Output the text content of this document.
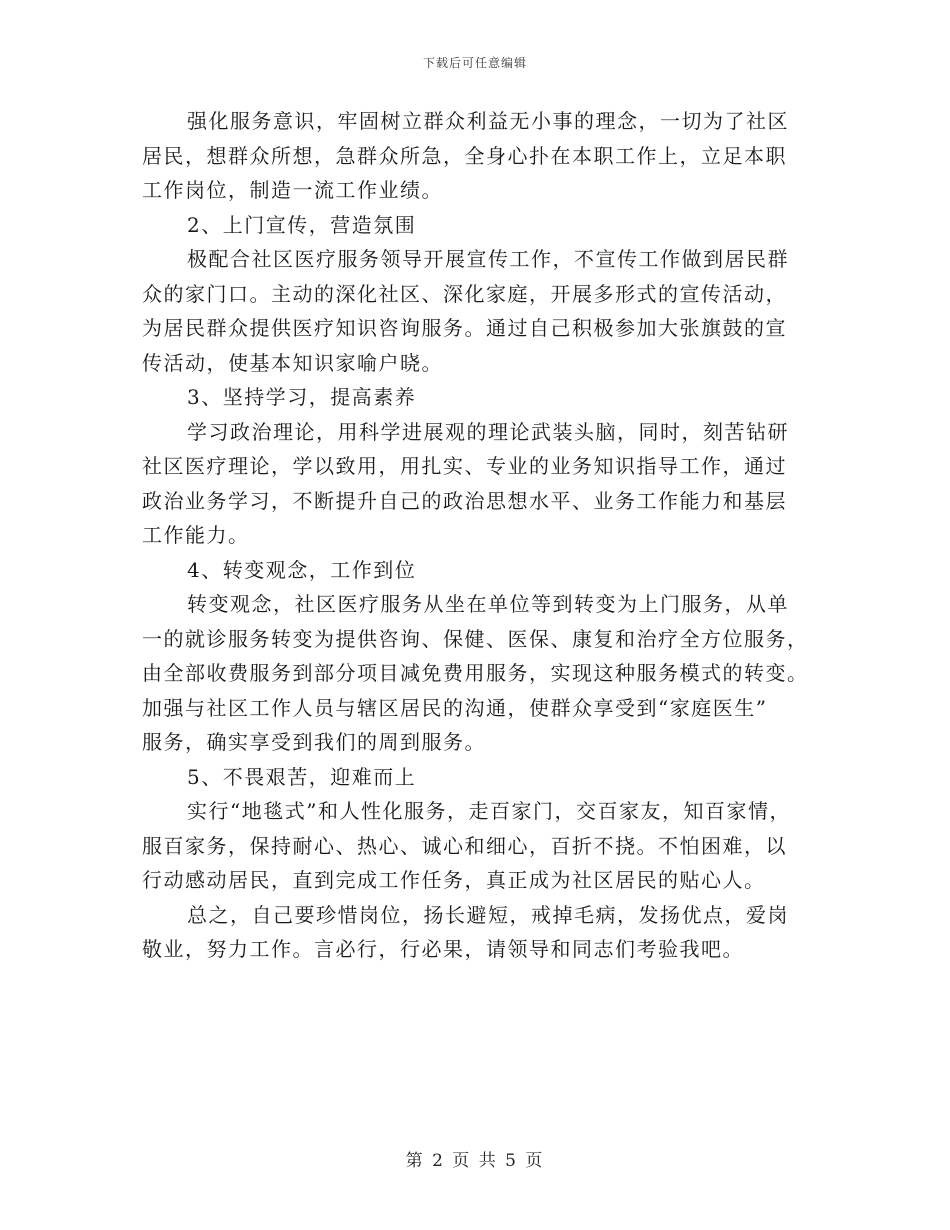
下载后可任意编辑
强化服务意识，牢固树立群众利益无小事的理念，一切为了社区
居民，想群众所想，急群众所急，全身心扑在本职工作上，立足本职
工作岗位，制造一流工作业绩。
2、上门宣传，营造氛围
极配合社区医疗服务领导开展宣传工作，不宣传工作做到居民群
众的家门口。主动的深化社区、深化家庭，开展多形式的宣传活动，
为居民群众提供医疗知识咨询服务。通过自己积极参加大张旗鼓的宣
传活动，使基本知识家喻户晓。
3、坚持学习，提高素养
学习政治理论，用科学进展观的理论武装头脑，同时，刻苦钻研
社区医疗理论，学以致用，用扎实、专业的业务知识指导工作，通过
政治业务学习，不断提升自己的政治思想水平、业务工作能力和基层
工作能力。
4、转变观念，工作到位
转变观念，社区医疗服务从坐在单位等到转变为上门服务，从单
一的就诊服务转变为提供咨询、保健、医保、康复和治疗全方位服务，
由全部收费服务到部分项目减免费用服务，实现这种服务模式的转变。
加强与社区工作人员与辖区居民的沟通，使群众享受到“家庭医生”
服务，确实享受到我们的周到服务。
5、不畏艰苦，迎难而上
实行“地毯式”和人性化服务，走百家门，交百家友，知百家情，
服百家务，保持耐心、热心、诚心和细心，百折不挠。不怕困难，以
行动感动居民，直到完成工作任务，真正成为社区居民的贴心人。
总之，自己要珍惜岗位，扬长避短，戒掉毛病，发扬优点，爱岗
敬业，努力工作。言必行，行必果，请领导和同志们考验我吧。
第 2 页 共 5 页
